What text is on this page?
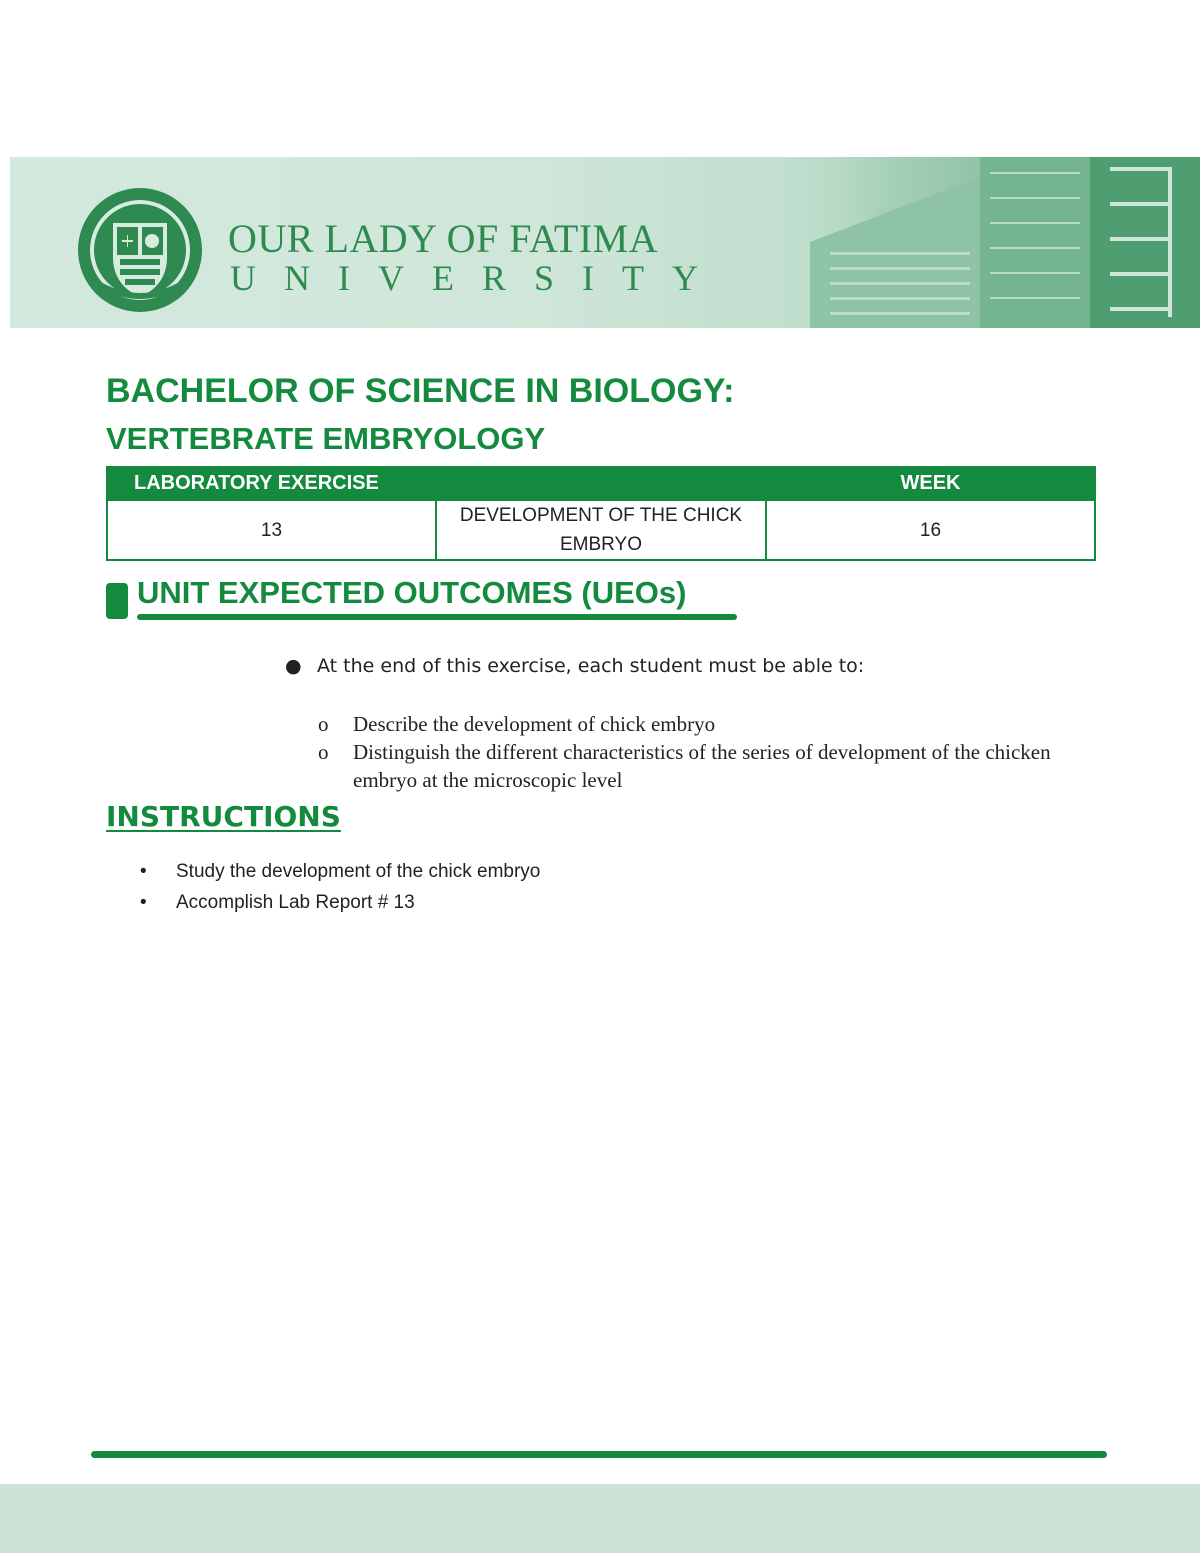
OUR LADY OF FATIMA

UNIVERSITY

BACHELOR OF SCIENCE IN BIOLOGY:
VERTEBRATE EMBRYOLOGY
LABORATORY EXERCISE		WEEK
13	DEVELOPMENT OF THE CHICK EMBRYO	16
UNIT EXPECTED OUTCOMES (UEOs)

● At the end of this exercise, each student must be able to:

o Describe the development of chick embryo
o Distinguish the different characteristics of the series of development of the chicken embryo at the microscopic level
INSTRUCTIONS
• Study the development of the chick embryo
• Accomplish Lab Report # 13
